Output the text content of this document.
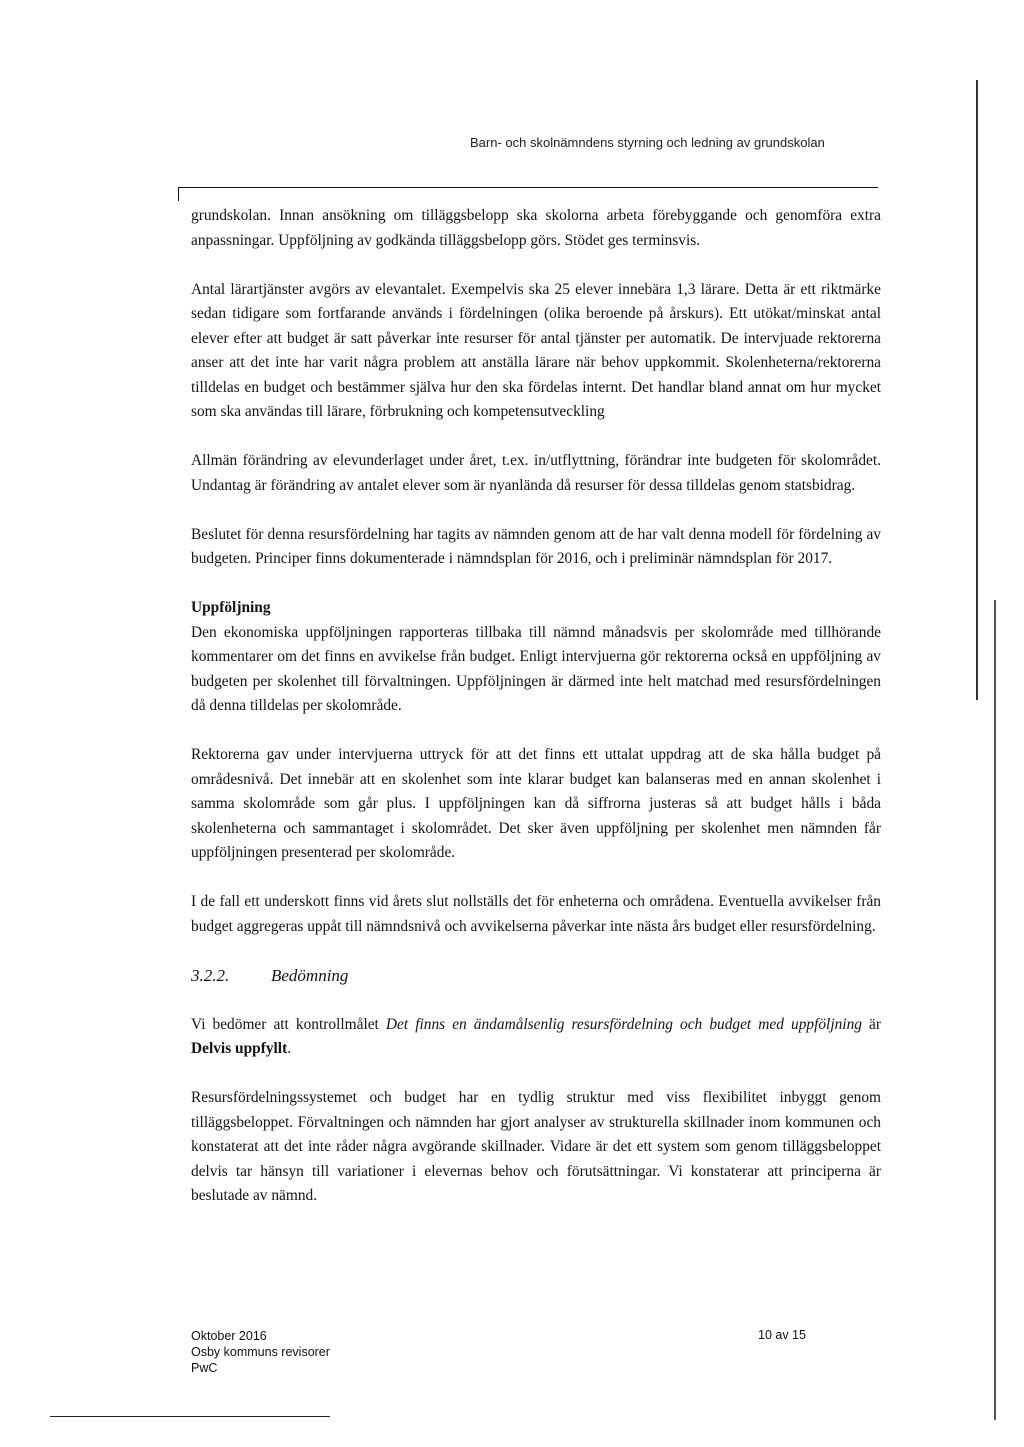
Barn- och skolnämndens styrning och ledning av grundskolan

grundskolan. Innan ansökning om tilläggsbelopp ska skolorna arbeta förebyggande och genomföra extra anpassningar. Uppföljning av godkända tilläggsbelopp görs. Stödet ges terminsvis.

Antal lärartjänster avgörs av elevantalet. Exempelvis ska 25 elever innebära 1,3 lärare. Detta är ett riktmärke sedan tidigare som fortfarande används i fördelningen (olika beroende på årskurs). Ett utökat/minskat antal elever efter att budget är satt påverkar inte resurser för antal tjänster per automatik. De intervjuade rektorerna anser att det inte har varit några problem att anställa lärare när behov uppkommit. Skolenheterna/rektorerna tilldelas en budget och bestämmer själva hur den ska fördelas internt. Det handlar bland annat om hur mycket som ska användas till lärare, förbrukning och kompetensutveckling

Allmän förändring av elevunderlaget under året, t.ex. in/utflyttning, förändrar inte budgeten för skolområdet. Undantag är förändring av antalet elever som är nyanlända då resurser för dessa tilldelas genom statsbidrag.

Beslutet för denna resursfördelning har tagits av nämnden genom att de har valt denna modell för fördelning av budgeten. Principer finns dokumenterade i nämndsplan för 2016, och i preliminär nämndsplan för 2017.

Uppföljning

Den ekonomiska uppföljningen rapporteras tillbaka till nämnd månadsvis per skolområde med tillhörande kommentarer om det finns en avvikelse från budget. Enligt intervjuerna gör rektorerna också en uppföljning av budgeten per skolenhet till förvaltningen. Uppföljningen är därmed inte helt matchad med resursfördelningen då denna tilldelas per skolområde.

Rektorerna gav under intervjuerna uttryck för att det finns ett uttalat uppdrag att de ska hålla budget på områdesnivå. Det innebär att en skolenhet som inte klarar budget kan balanseras med en annan skolenhet i samma skolområde som går plus. I uppföljningen kan då siffrorna justeras så att budget hålls i båda skolenheterna och sammantaget i skolområdet. Det sker även uppföljning per skolenhet men nämnden får uppföljningen presenterad per skolområde.

I de fall ett underskott finns vid årets slut nollställs det för enheterna och områdena. Eventuella avvikelser från budget aggregeras uppåt till nämndsnivå och avvikelserna påverkar inte nästa års budget eller resursfördelning.

3.2.2. Bedömning

Vi bedömer att kontrollmålet Det finns en ändamålsenlig resursfördelning och budget med uppföljning är Delvis uppfyllt.

Resursfördelningssystemet och budget har en tydlig struktur med viss flexibilitet inbyggt genom tilläggsbeloppet. Förvaltningen och nämnden har gjort analyser av strukturella skillnader inom kommunen och konstaterat att det inte råder några avgörande skillnader. Vidare är det ett system som genom tilläggsbeloppet delvis tar hänsyn till variationer i elevernas behov och förutsättningar. Vi konstaterar att principerna är beslutade av nämnd.

Oktober 2016
Osby kommuns revisorer
PwC
10 av 15
